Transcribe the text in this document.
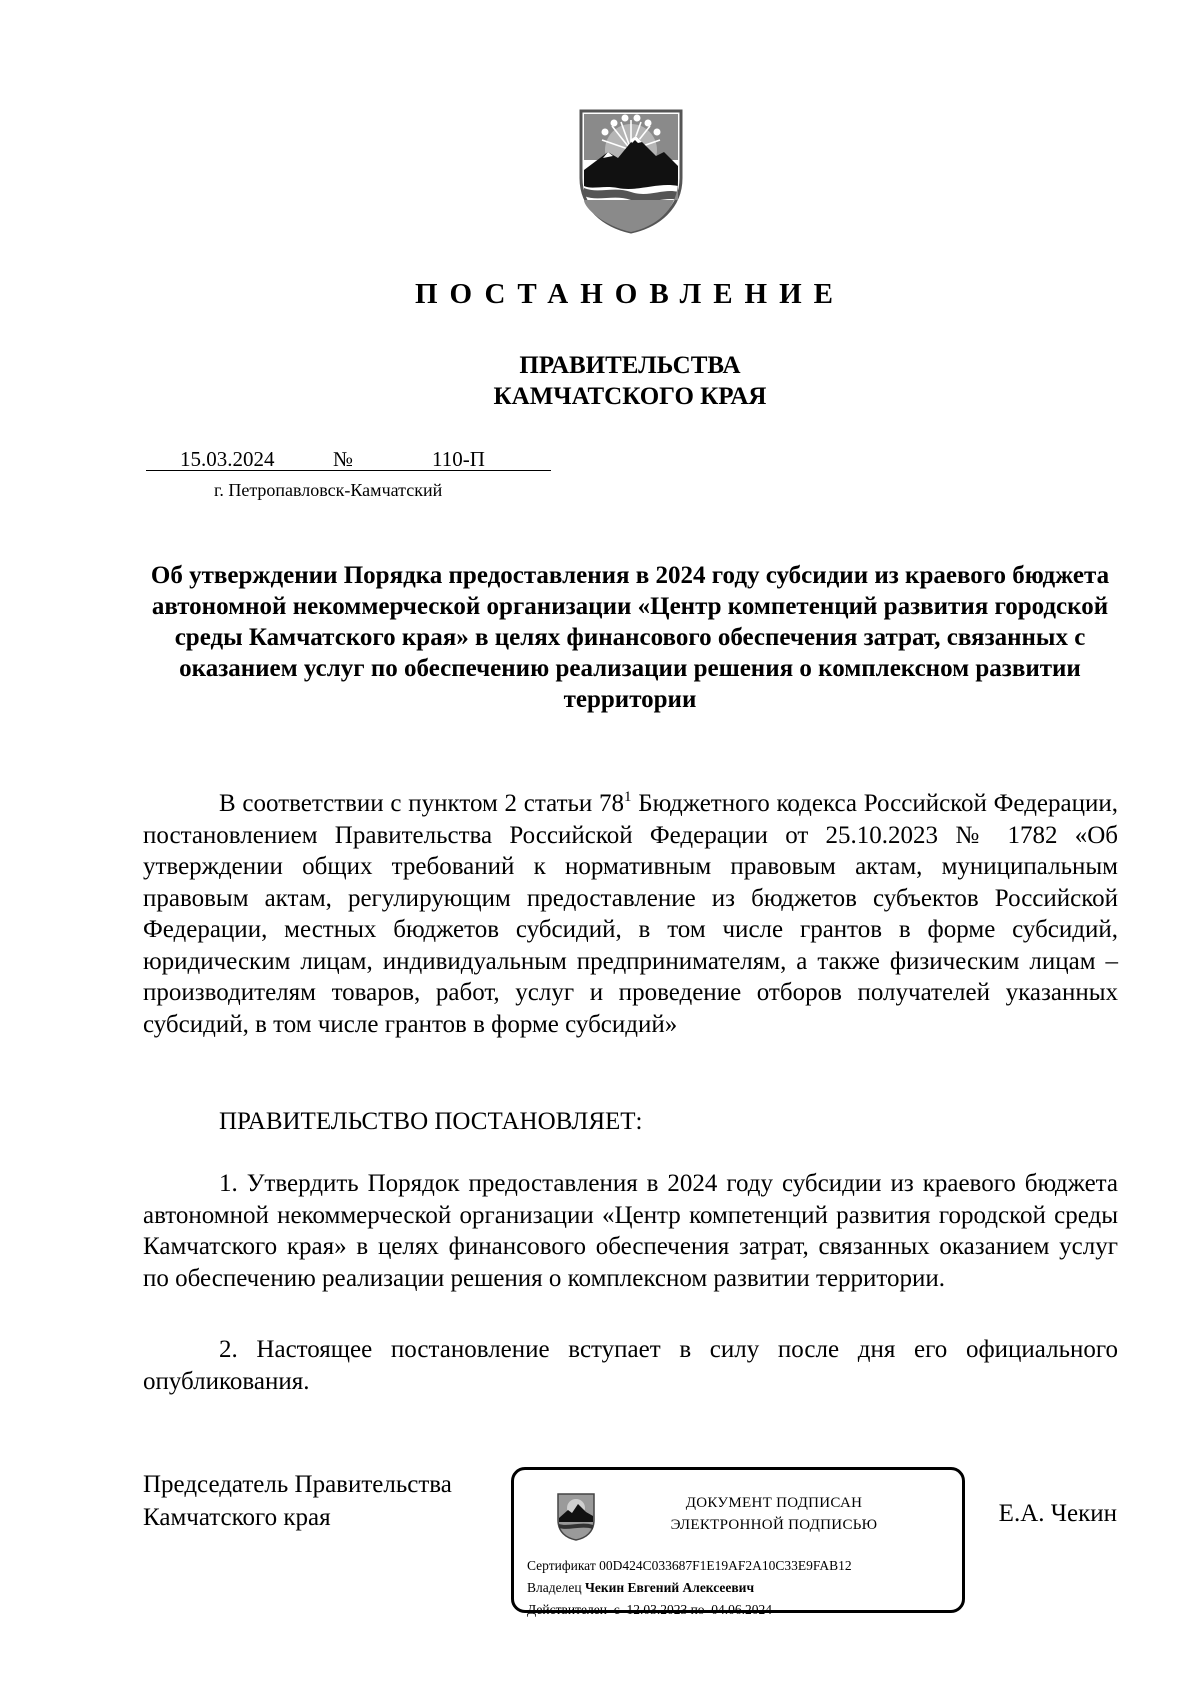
ПОСТАНОВЛЕНИЕ
ПРАВИТЕЛЬСТВА
КАМЧАТСКОГО КРАЯ
15.03.2024	№	110-П
г. Петропавловск-Камчатский
Об утверждении Порядка предоставления в 2024 году субсидии из краевого бюджета автономной некоммерческой организации «Центр компетенций развития городской среды Камчатского края» в целях финансового обеспечения затрат, связанных с оказанием услуг по обеспечению реализации решения о комплексном развитии территории

В соответствии с пунктом 2 статьи $78^1$ Бюджетного кодекса Российской Федерации, постановлением Правительства Российской Федерации от 25.10.2023 № 1782 «Об утверждении общих требований к нормативным правовым актам, муниципальным правовым актам, регулирующим предоставление из бюджетов субъектов Российской Федерации, местных бюджетов субсидий, в том числе грантов в форме субсидий, юридическим лицам, индивидуальным предпринимателям, а также физическим лицам – производителям товаров, работ, услуг и проведение отборов получателей указанных субсидий, в том числе грантов в форме субсидий»

ПРАВИТЕЛЬСТВО ПОСТАНОВЛЯЕТ:

1. Утвердить Порядок предоставления в 2024 году субсидии из краевого бюджета автономной некоммерческой организации «Центр компетенций развития городской среды Камчатского края» в целях финансового обеспечения затрат, связанных оказанием услуг по обеспечению реализации решения о комплексном развитии территории.

2. Настоящее постановление вступает в силу после дня его официального опубликования.

Председатель Правительства
Камчатского края
ДОКУМЕНТ ПОДПИСАН
ЭЛЕКТРОННОЙ ПОДПИСЬЮ
Сертификат 00D424C033687F1E19AF2A10C33E9FAB12
Владелец Чекин Евгений Алексеевич
Действителен с 12.03.2023 по 04.06.2024
Е.А. Чекин
